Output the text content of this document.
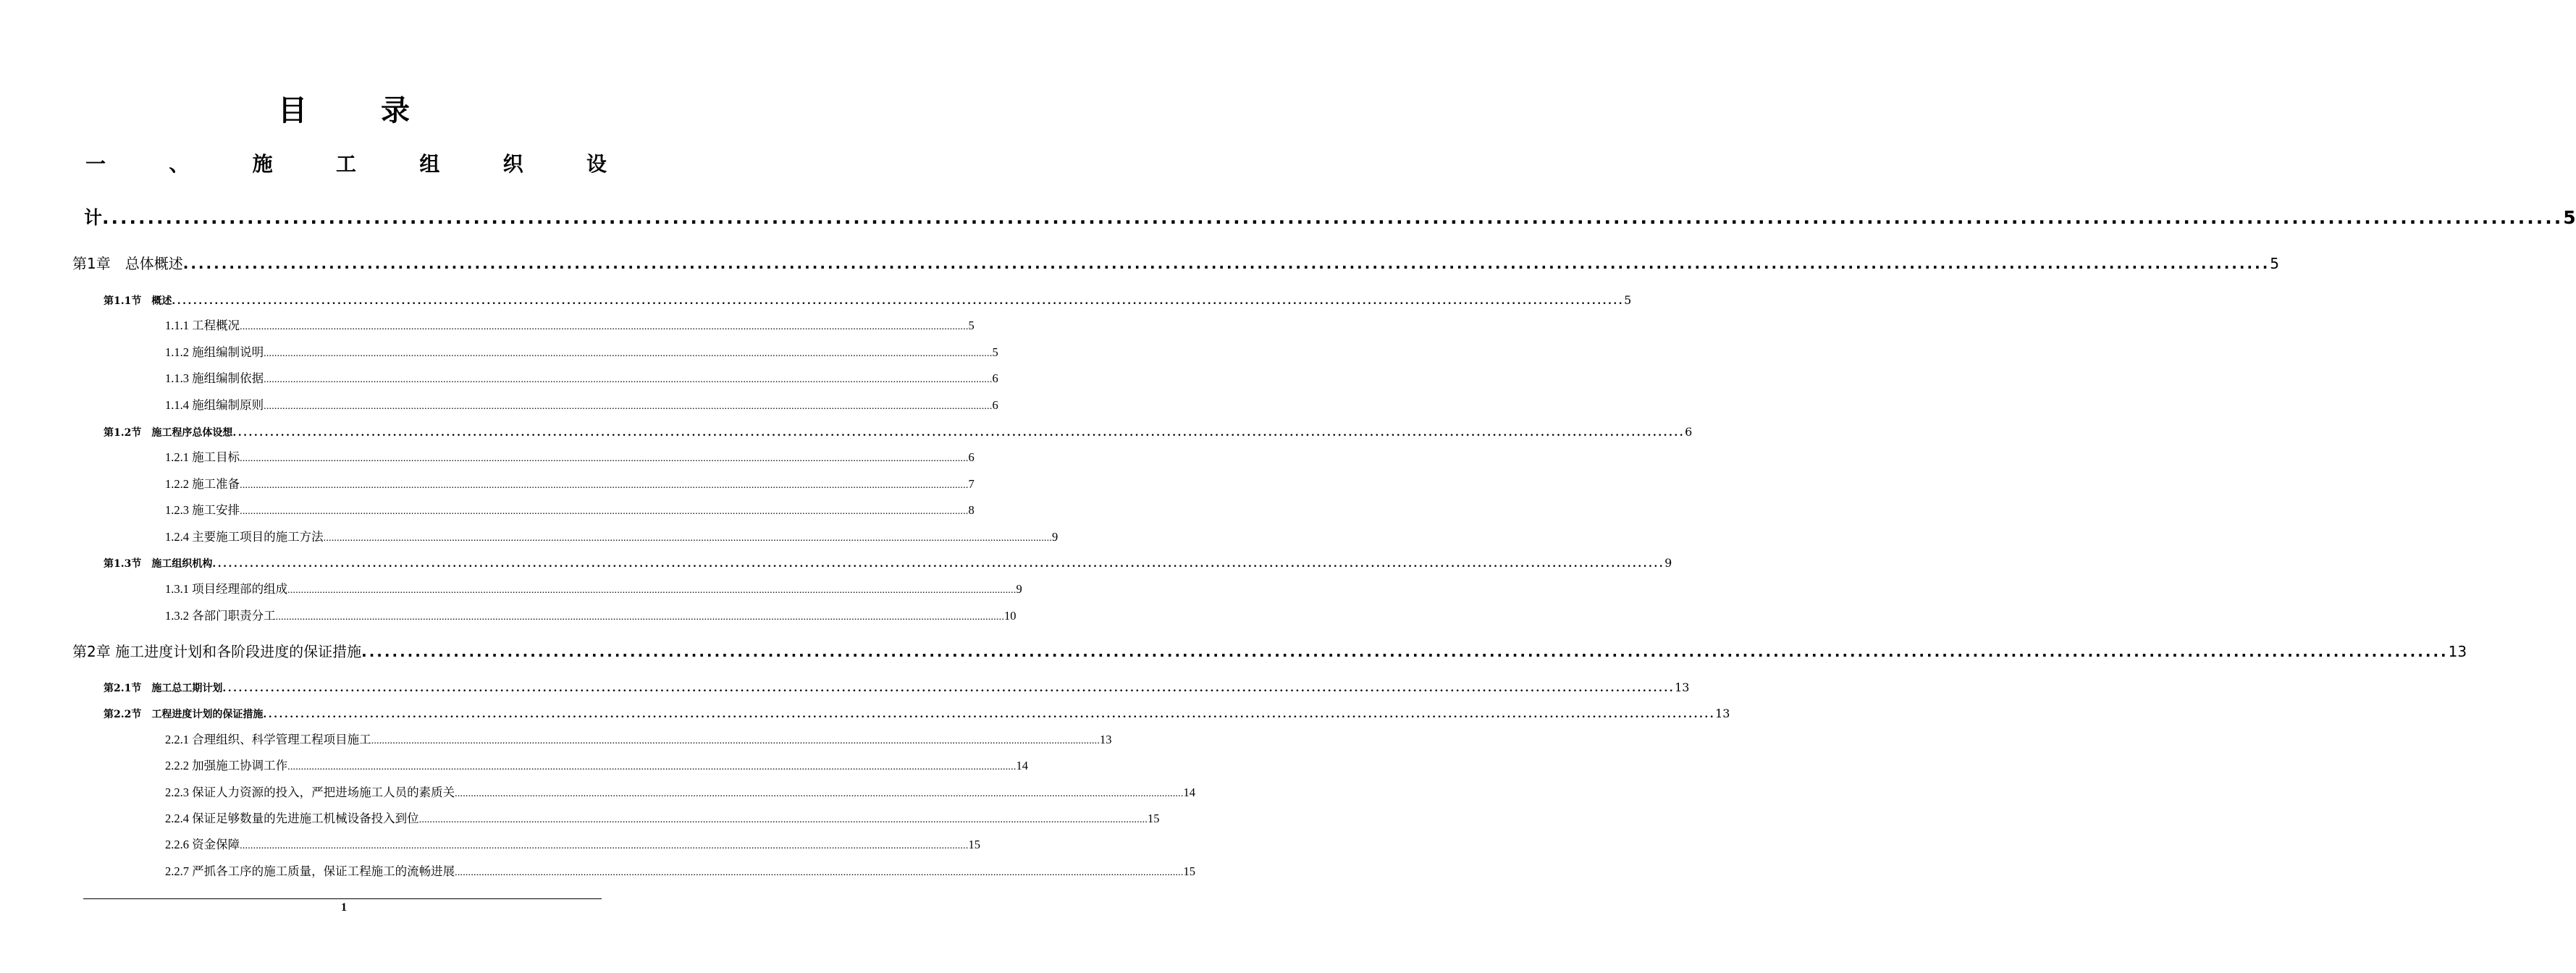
目 录
一	、	施	工	组	织	设
计 ................................................................................................................................................................................................................................................................................ 5
第1章　总体概述 ................................................................................................................................................................................................................................................................................ 5
第1.1节　概述 ................................................................................................................................................................................................................................................................................ 5
1.1.1 工程概况 ................................................................................................................................................................................................................................................................................ 5
1.1.2 施组编制说明 ................................................................................................................................................................................................................................................................................ 5
1.1.3 施组编制依据 ................................................................................................................................................................................................................................................................................ 6
1.1.4 施组编制原则 ................................................................................................................................................................................................................................................................................ 6
第1.2节　施工程序总体设想 ................................................................................................................................................................................................................................................................................ 6
1.2.1 施工目标 ................................................................................................................................................................................................................................................................................ 6
1.2.2 施工准备 ................................................................................................................................................................................................................................................................................ 7
1.2.3 施工安排 ................................................................................................................................................................................................................................................................................ 8
1.2.4 主要施工项目的施工方法 ................................................................................................................................................................................................................................................................................ 9
第1.3节　施工组织机构 ................................................................................................................................................................................................................................................................................ 9
1.3.1 项目经理部的组成 ................................................................................................................................................................................................................................................................................ 9
1.3.2 各部门职责分工 ................................................................................................................................................................................................................................................................................ 10
第2章 施工进度计划和各阶段进度的保证措施 ................................................................................................................................................................................................................................................................................ 13
第2.1节　施工总工期计划 ................................................................................................................................................................................................................................................................................ 13
第2.2节　工程进度计划的保证措施 ................................................................................................................................................................................................................................................................................ 13
2.2.1 合理组织、科学管理工程项目施工 ................................................................................................................................................................................................................................................................................ 13
2.2.2 加强施工协调工作 ................................................................................................................................................................................................................................................................................ 14
2.2.3 保证人力资源的投入，严把进场施工人员的素质关 ................................................................................................................................................................................................................................................................................ 14
2.2.4 保证足够数量的先进施工机械设备投入到位 ................................................................................................................................................................................................................................................................................ 15
2.2.6 资金保障 ................................................................................................................................................................................................................................................................................ 15
2.2.7 严抓各工序的施工质量，保证工程施工的流畅进展 ................................................................................................................................................................................................................................................................................ 15
1
